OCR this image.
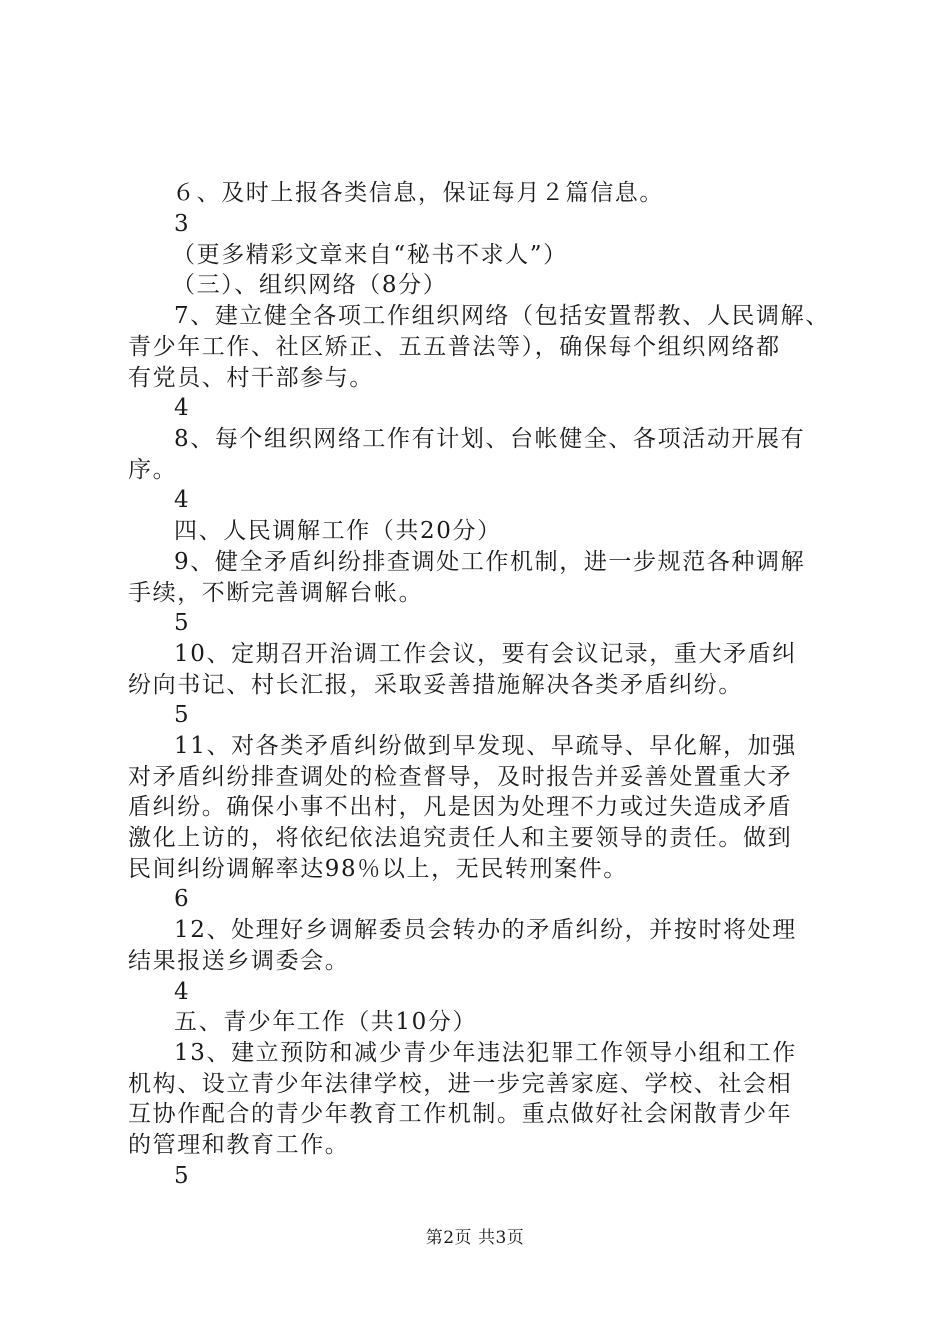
６、及时上报各类信息，保证每月２篇信息。
3
（更多精彩文章来自“秘书不求人”）
（三）、组织网络（8分）
7、建立健全各项工作组织网络（包括安置帮教、人民调解、
青少年工作、社区矫正、五五普法等），确保每个组织网络都
有党员、村干部参与。
4
8、每个组织网络工作有计划、台帐健全、各项活动开展有
序。
4
四、人民调解工作（共20分）
9、健全矛盾纠纷排查调处工作机制，进一步规范各种调解
手续，不断完善调解台帐。
5
10、定期召开治调工作会议，要有会议记录，重大矛盾纠
纷向书记、村长汇报，采取妥善措施解决各类矛盾纠纷。
5
11、对各类矛盾纠纷做到早发现、早疏导、早化解，加强
对矛盾纠纷排查调处的检查督导，及时报告并妥善处置重大矛
盾纠纷。确保小事不出村，凡是因为处理不力或过失造成矛盾
激化上访的，将依纪依法追究责任人和主要领导的责任。做到
民间纠纷调解率达98％以上，无民转刑案件。
6
12、处理好乡调解委员会转办的矛盾纠纷，并按时将处理
结果报送乡调委会。
4
五、青少年工作（共10分）
13、建立预防和减少青少年违法犯罪工作领导小组和工作
机构、设立青少年法律学校，进一步完善家庭、学校、社会相
互协作配合的青少年教育工作机制。重点做好社会闲散青少年
的管理和教育工作。
5
第2页 共3页
